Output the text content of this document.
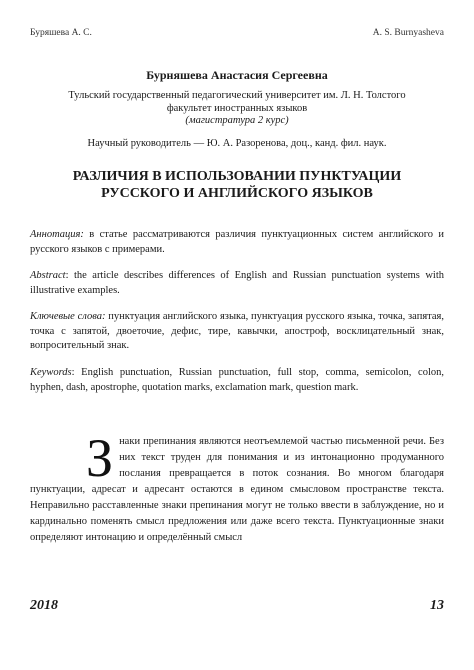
Буряшева А. С.	A. S. Burnyasheva
Бурняшева Анастасия Сергеевна
Тульский государственный педагогический университет им. Л. Н. Толстого
факультет иностранных языков
(магистратура 2 курс)
Научный руководитель — Ю. А. Разоренова, доц., канд. фил. наук.
РАЗЛИЧИЯ В ИСПОЛЬЗОВАНИИ ПУНКТУАЦИИ РУССКОГО И АНГЛИЙСКОГО ЯЗЫКОВ
Аннотация: в статье рассматриваются различия пунктуационных систем английского и русского языков с примерами.
Abstract: the article describes differences of English and Russian punctuation systems with illustrative examples.
Ключевые слова: пунктуация английского языка, пунктуация русского языка, точка, запятая, точка с запятой, двоеточие, дефис, тире, кавычки, апостроф, восклицательный знак, вопросительный знак.
Keywords: English punctuation, Russian punctuation, full stop, comma, semicolon, colon, hyphen, dash, apostrophe, quotation marks, exclamation mark, question mark.
Знаки препинания являются неотъемлемой частью письменной речи. Без них текст труден для понимания и из интонационно продуманного послания превращается в поток сознания. Во многом благодаря пунктуации, адресат и адресант остаются в едином смысловом пространстве текста. Неправильно расставленные знаки препинания могут не только ввести в заблуждение, но и кардинально поменять смысл предложения или даже всего текста. Пунктуационные знаки определяют интонацию и определённый смысл
2018	13
